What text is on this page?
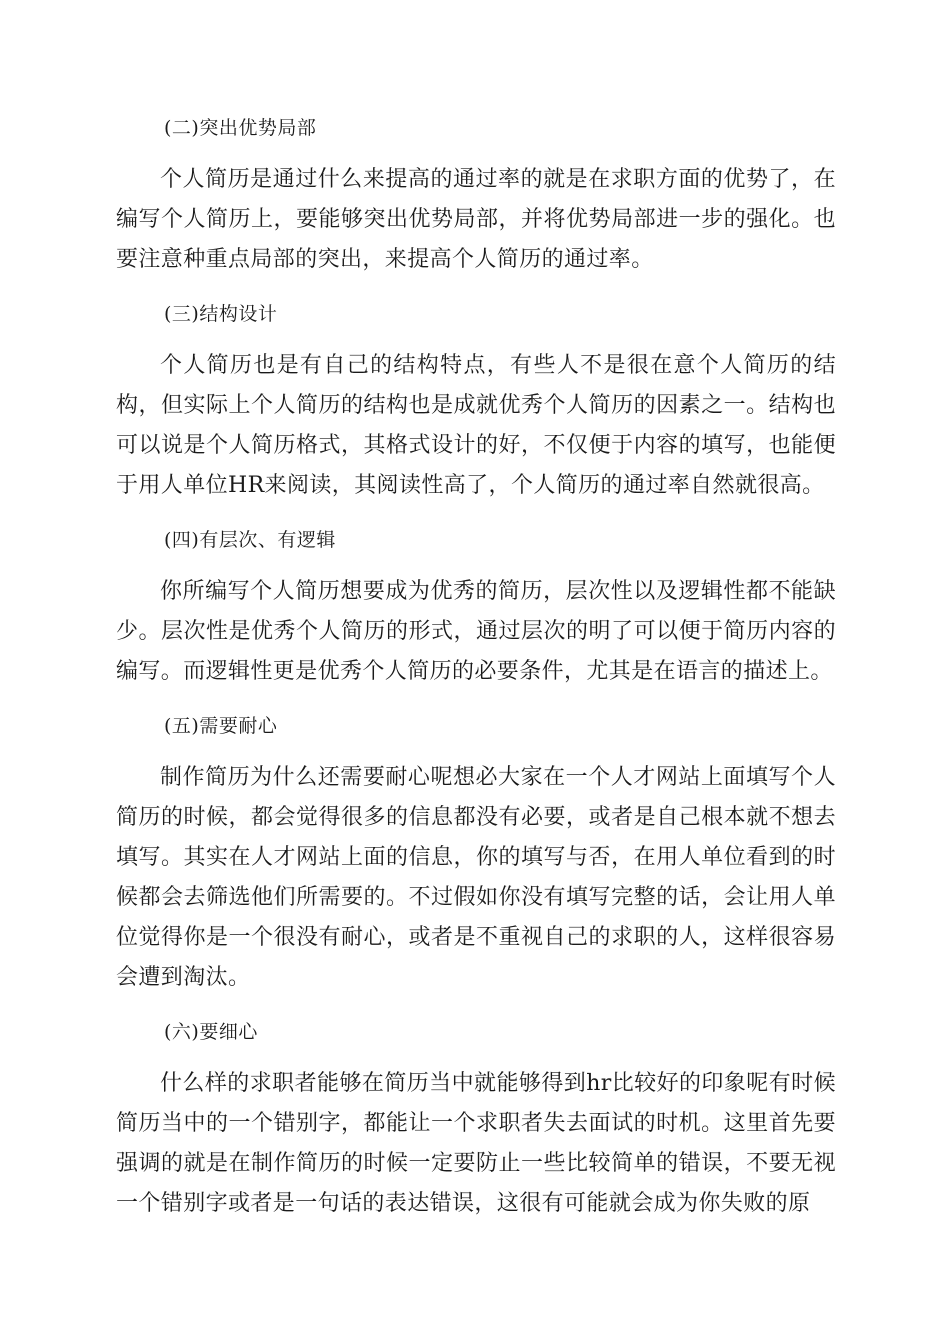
(二)突出优势局部

个人简历是通过什么来提高的通过率的就是在求职方面的优势了，在编写个人简历上，要能够突出优势局部，并将优势局部进一步的强化。也要注意种重点局部的突出，来提高个人简历的通过率。

(三)结构设计

个人简历也是有自己的结构特点，有些人不是很在意个人简历的结构，但实际上个人简历的结构也是成就优秀个人简历的因素之一。结构也可以说是个人简历格式，其格式设计的好，不仅便于内容的填写，也能便于用人单位HR来阅读，其阅读性高了，个人简历的通过率自然就很高。

(四)有层次、有逻辑

你所编写个人简历想要成为优秀的简历，层次性以及逻辑性都不能缺少。层次性是优秀个人简历的形式，通过层次的明了可以便于简历内容的编写。而逻辑性更是优秀个人简历的必要条件，尤其是在语言的描述上。

(五)需要耐心

制作简历为什么还需要耐心呢想必大家在一个人才网站上面填写个人简历的时候，都会觉得很多的信息都没有必要，或者是自己根本就不想去填写。其实在人才网站上面的信息，你的填写与否，在用人单位看到的时候都会去筛选他们所需要的。不过假如你没有填写完整的话，会让用人单位觉得你是一个很没有耐心，或者是不重视自己的求职的人，这样很容易会遭到淘汰。

(六)要细心

什么样的求职者能够在简历当中就能够得到hr比较好的印象呢有时候简历当中的一个错别字，都能让一个求职者失去面试的时机。这里首先要强调的就是在制作简历的时候一定要防止一些比较简单的错误，不要无视一个错别字或者是一句话的表达错误，这很有可能就会成为你失败的原
